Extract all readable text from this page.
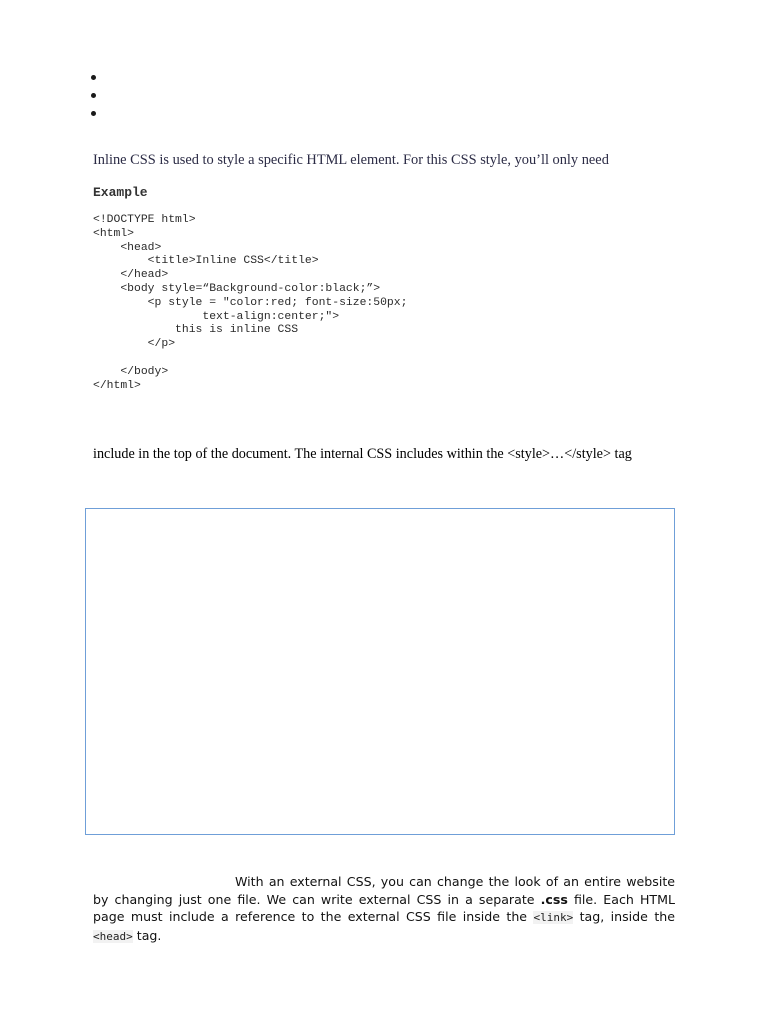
Inline CSS is used to style a specific HTML element. For this CSS style, you’ll only need

Example
<!DOCTYPE html>
<html>
<head>
<title>Inline CSS</title>
</head>
<body style=“Background-color:black;”>
<p style = "color:red; font-size:50px;
text-align:center;">
this is inline CSS
</p>
</body>
</html>

include in the top of the document. The internal CSS includes within the <style>…</style> tag

With an external CSS, you can change the look of an entire website by changing just one file. We can write external CSS in a separate .css file. Each HTML page must include a reference to the external CSS file inside the <link> tag, inside the <head> tag.
